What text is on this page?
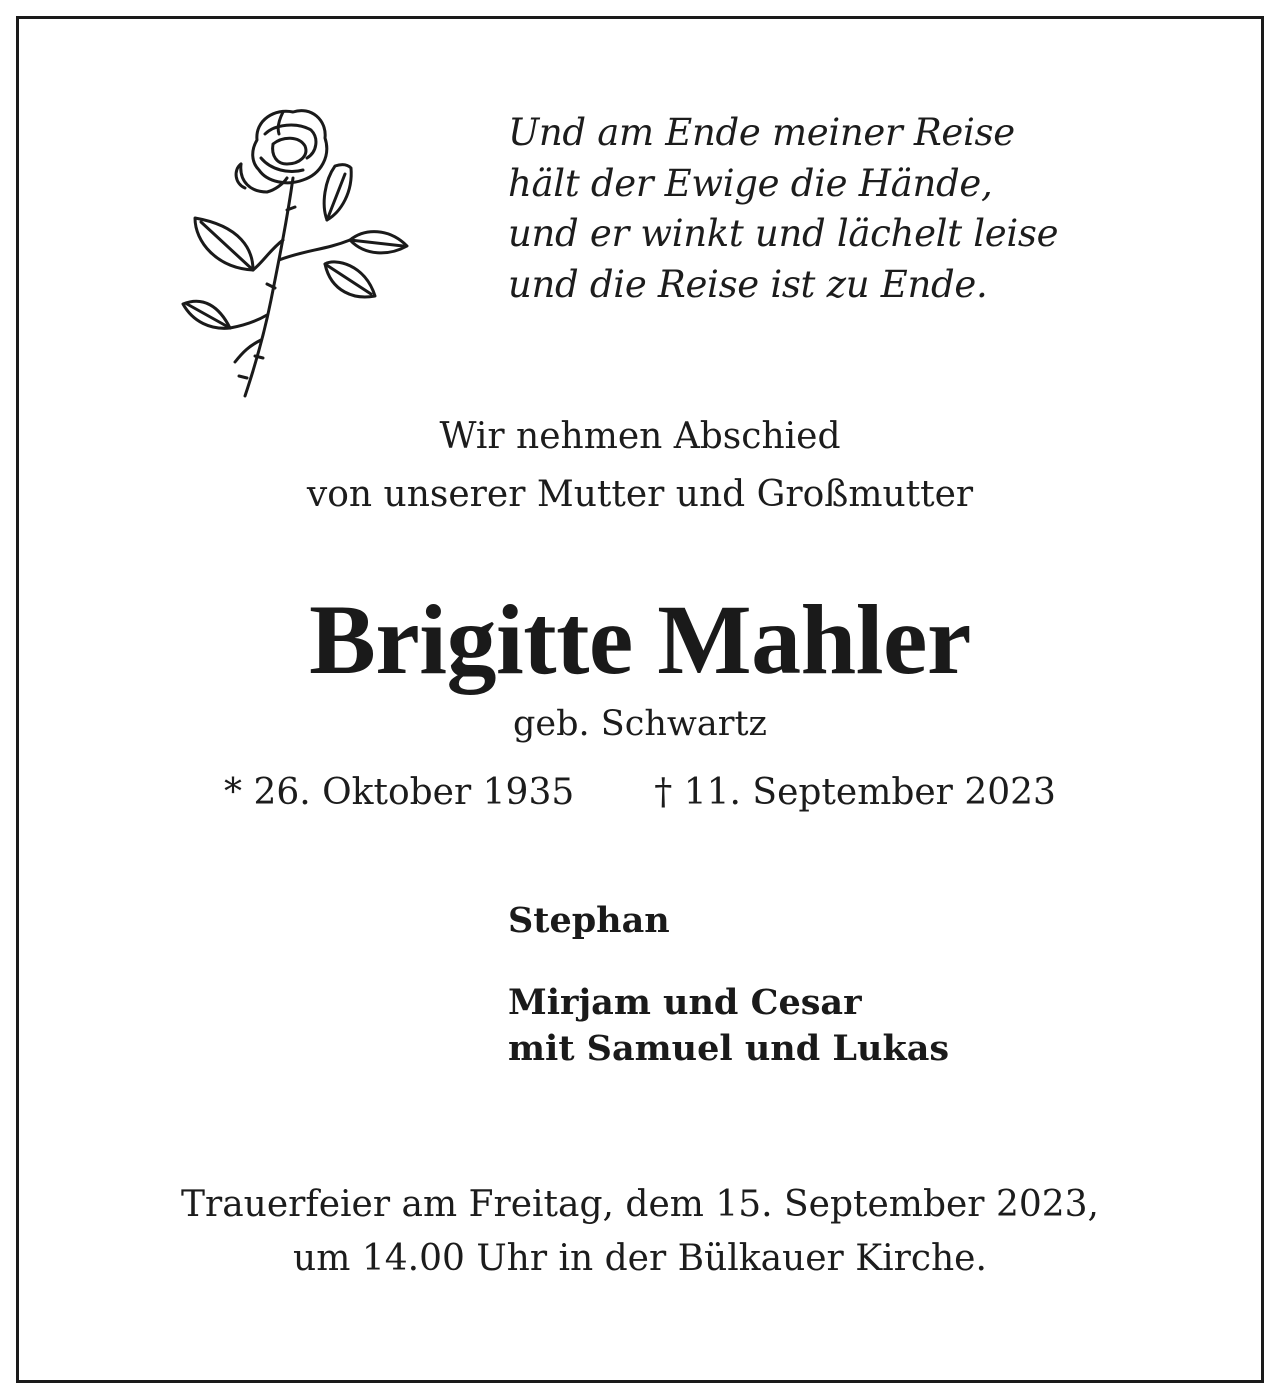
Und am Ende meiner Reise
hält der Ewige die Hände,
und er winkt und lächelt leise
und die Reise ist zu Ende.
Wir nehmen Abschied
von unserer Mutter und Großmutter
Brigitte Mahler
geb. Schwartz
* 26. Oktober 1935 † 11. September 2023
Stephan
Mirjam und Cesar
mit Samuel und Lukas
Trauerfeier am Freitag, dem 15. September 2023,
um 14.00 Uhr in der Bülkauer Kirche.
